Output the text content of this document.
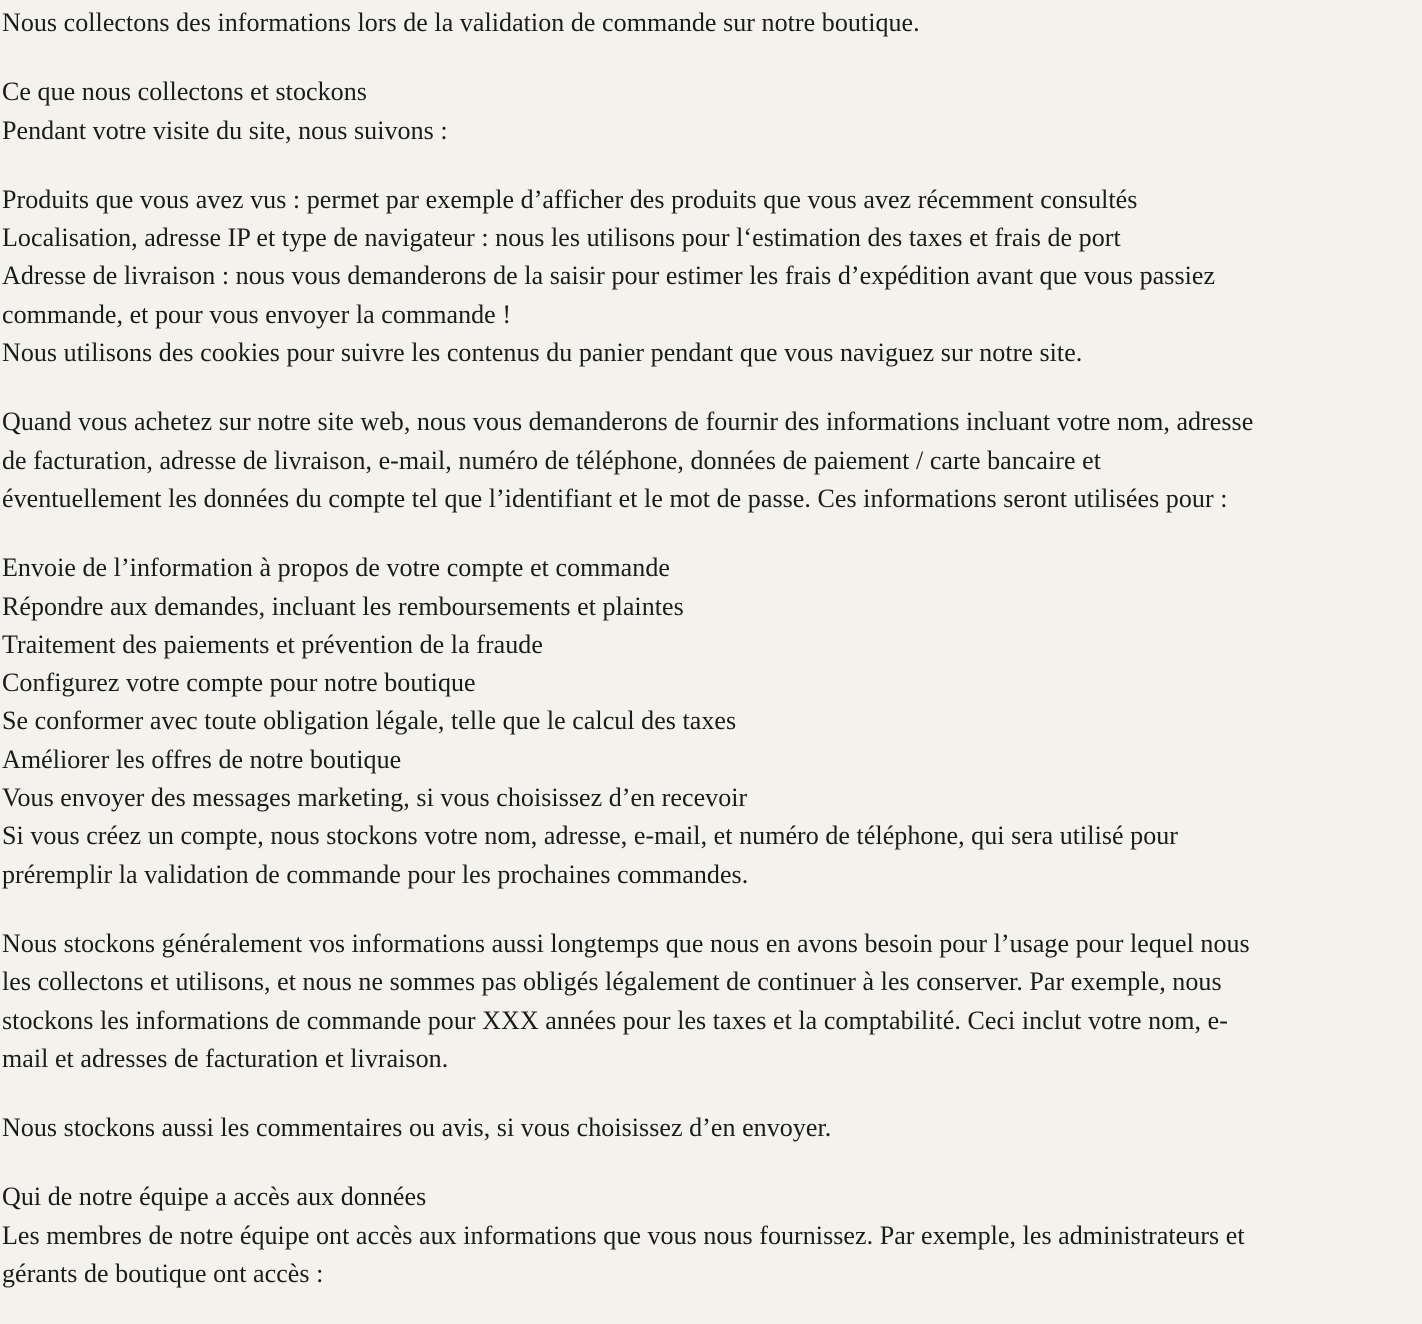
Nous collectons des informations lors de la validation de commande sur notre boutique.

Ce que nous collectons et stockons
Pendant votre visite du site, nous suivons :

Produits que vous avez vus : permet par exemple d’afficher des produits que vous avez récemment consultés
Localisation, adresse IP et type de navigateur : nous les utilisons pour l‘estimation des taxes et frais de port
Adresse de livraison : nous vous demanderons de la saisir pour estimer les frais d’expédition avant que vous passiez
commande, et pour vous envoyer la commande !
Nous utilisons des cookies pour suivre les contenus du panier pendant que vous naviguez sur notre site.

Quand vous achetez sur notre site web, nous vous demanderons de fournir des informations incluant votre nom, adresse
de facturation, adresse de livraison, e-mail, numéro de téléphone, données de paiement / carte bancaire et
éventuellement les données du compte tel que l’identifiant et le mot de passe. Ces informations seront utilisées pour :

Envoie de l’information à propos de votre compte et commande
Répondre aux demandes, incluant les remboursements et plaintes
Traitement des paiements et prévention de la fraude
Configurez votre compte pour notre boutique
Se conformer avec toute obligation légale, telle que le calcul des taxes
Améliorer les offres de notre boutique
Vous envoyer des messages marketing, si vous choisissez d’en recevoir
Si vous créez un compte, nous stockons votre nom, adresse, e-mail, et numéro de téléphone, qui sera utilisé pour
préremplir la validation de commande pour les prochaines commandes.

Nous stockons généralement vos informations aussi longtemps que nous en avons besoin pour l’usage pour lequel nous
les collectons et utilisons, et nous ne sommes pas obligés légalement de continuer à les conserver. Par exemple, nous
stockons les informations de commande pour XXX années pour les taxes et la comptabilité. Ceci inclut votre nom, e-
mail et adresses de facturation et livraison.

Nous stockons aussi les commentaires ou avis, si vous choisissez d’en envoyer.

Qui de notre équipe a accès aux données
Les membres de notre équipe ont accès aux informations que vous nous fournissez. Par exemple, les administrateurs et
gérants de boutique ont accès :
